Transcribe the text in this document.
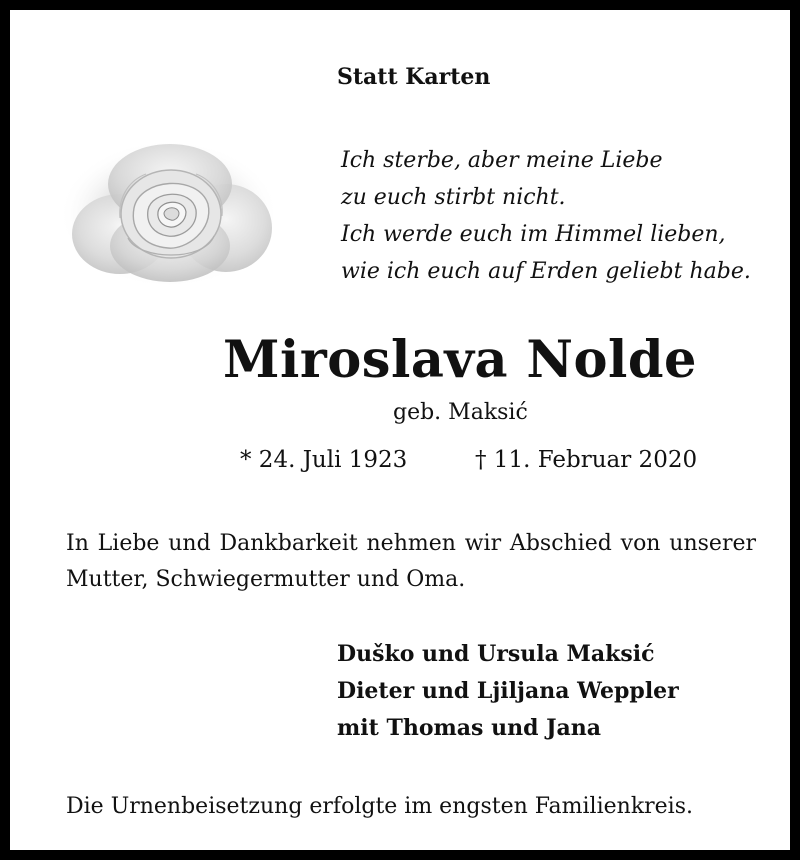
Statt Karten

Ich sterbe, aber meine Liebe
zu euch stirbt nicht.
Ich werde euch im Himmel lieben,
wie ich euch auf Erden geliebt habe.

Miroslava Nolde

geb. Maksić

* 24. Juli 1923	† 11. Februar 2020

In Liebe und Dankbarkeit nehmen wir Abschied von unserer Mutter, Schwiegermutter und Oma.

Duško und Ursula Maksić
Dieter und Ljiljana Weppler
mit Thomas und Jana

Die Urnenbeisetzung erfolgte im engsten Familienkreis.
